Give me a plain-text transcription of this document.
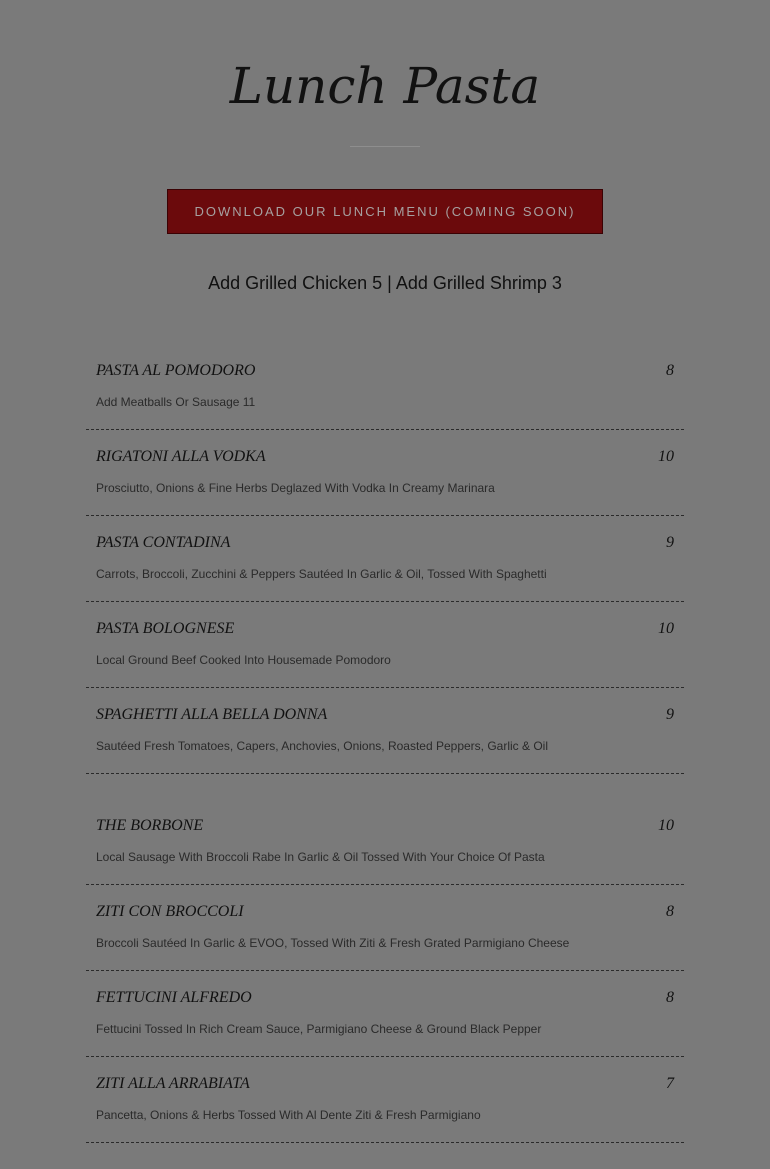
Lunch Pasta
DOWNLOAD OUR LUNCH MENU (COMING SOON)
Add Grilled Chicken 5 | Add Grilled Shrimp 3
PASTA AL POMODORO	8
Add Meatballs Or Sausage 11
RIGATONI ALLA VODKA	10
Prosciutto, Onions & Fine Herbs Deglazed With Vodka In Creamy Marinara
PASTA CONTADINA	9
Carrots, Broccoli, Zucchini & Peppers Sautéed In Garlic & Oil, Tossed With Spaghetti
PASTA BOLOGNESE	10
Local Ground Beef Cooked Into Housemade Pomodoro
SPAGHETTI ALLA BELLA DONNA	9
Sautéed Fresh Tomatoes, Capers, Anchovies, Onions, Roasted Peppers, Garlic & Oil
THE BORBONE	10
Local Sausage With Broccoli Rabe In Garlic & Oil Tossed With Your Choice Of Pasta
ZITI CON BROCCOLI	8
Broccoli Sautéed In Garlic & EVOO, Tossed With Ziti & Fresh Grated Parmigiano Cheese
FETTUCINI ALFREDO	8
Fettucini Tossed In Rich Cream Sauce, Parmigiano Cheese & Ground Black Pepper
ZITI ALLA ARRABIATA	7
Pancetta, Onions & Herbs Tossed With Al Dente Ziti & Fresh Parmigiano
